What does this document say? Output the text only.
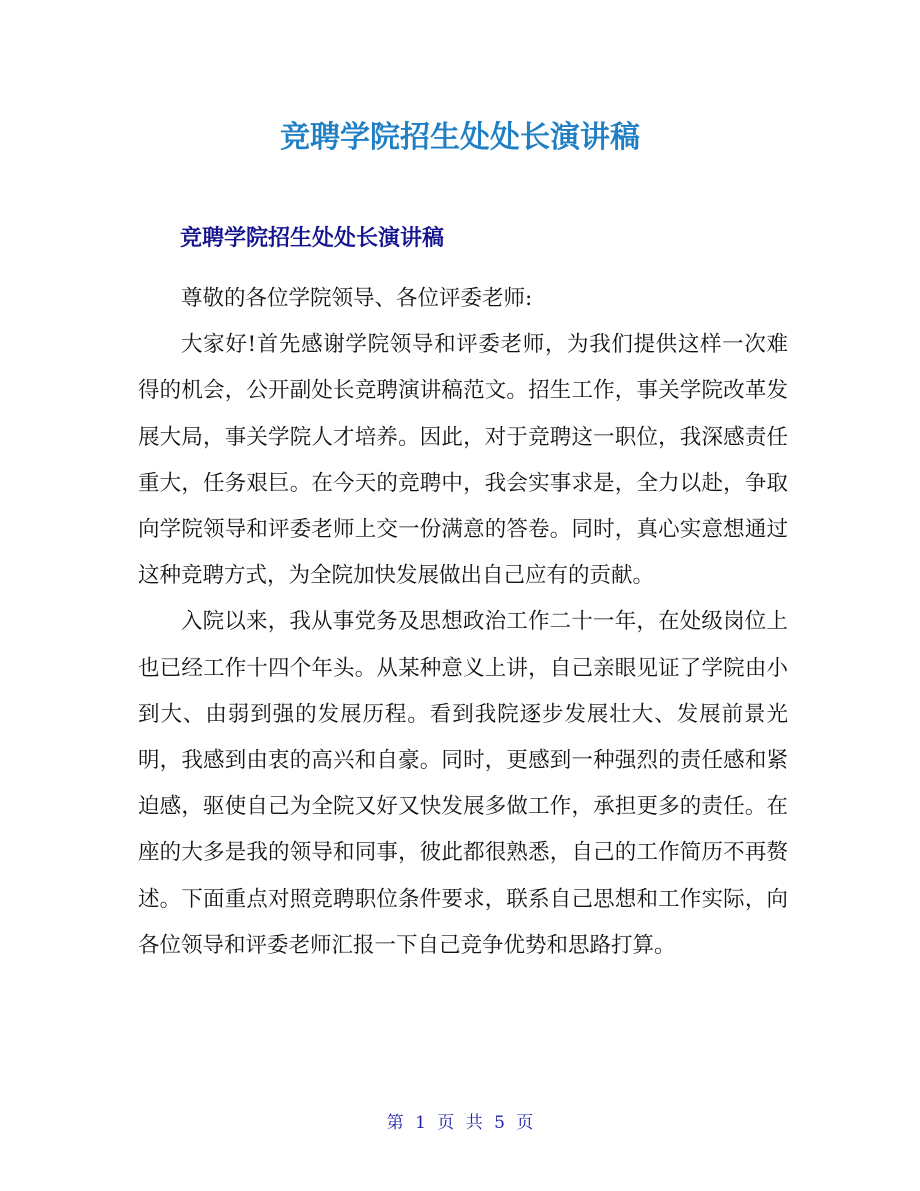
竞聘学院招生处处长演讲稿
竞聘学院招生处处长演讲稿

尊敬的各位学院领导、各位评委老师:

大家好!首先感谢学院领导和评委老师，为我们提供这样一次难得的机会，公开副处长竞聘演讲稿范文。招生工作，事关学院改革发展大局，事关学院人才培养。因此，对于竞聘这一职位，我深感责任重大，任务艰巨。在今天的竞聘中，我会实事求是，全力以赴，争取向学院领导和评委老师上交一份满意的答卷。同时，真心实意想通过这种竞聘方式，为全院加快发展做出自己应有的贡献。

入院以来，我从事党务及思想政治工作二十一年，在处级岗位上也已经工作十四个年头。从某种意义上讲，自己亲眼见证了学院由小到大、由弱到强的发展历程。看到我院逐步发展壮大、发展前景光明，我感到由衷的高兴和自豪。同时，更感到一种强烈的责任感和紧迫感，驱使自己为全院又好又快发展多做工作，承担更多的责任。在座的大多是我的领导和同事，彼此都很熟悉，自己的工作简历不再赘述。下面重点对照竞聘职位条件要求，联系自己思想和工作实际，向各位领导和评委老师汇报一下自己竞争优势和思路打算。

第 1 页 共 5 页
